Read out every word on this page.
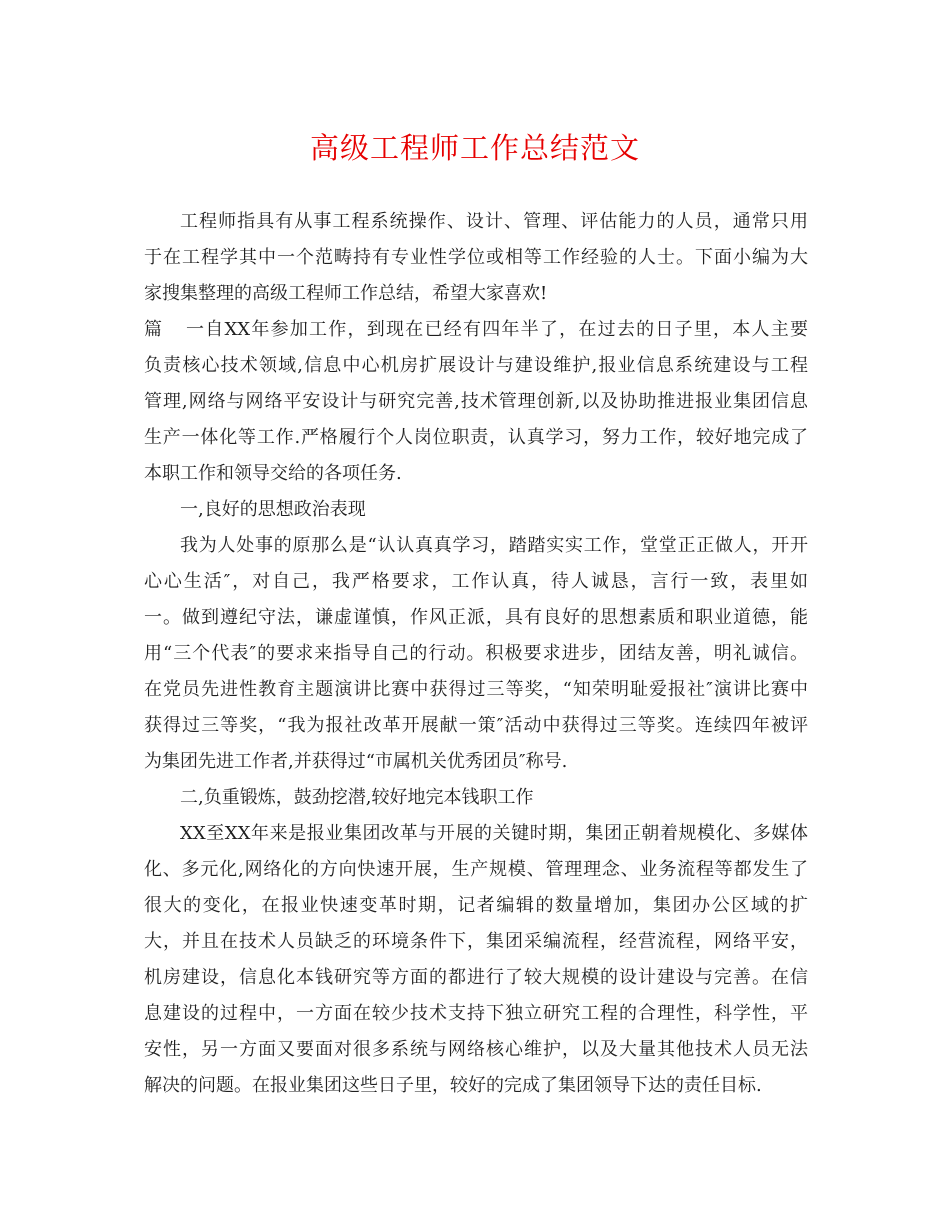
高级工程师工作总结范文
工程师指具有从事工程系统操作、设计、管理、评估能力的人员，通常只用
于在工程学其中一个范畴持有专业性学位或相等工作经验的人士。下面小编为大
家搜集整理的高级工程师工作总结，希望大家喜欢!
篇一自XX年参加工作，到现在已经有四年半了，在过去的日子里，本人主要
负责核心技术领域,信息中心机房扩展设计与建设维护,报业信息系统建设与工程
管理,网络与网络平安设计与研究完善,技术管理创新,以及协助推进报业集团信息
生产一体化等工作.严格履行个人岗位职责，认真学习，努力工作，较好地完成了
本职工作和领导交给的各项任务.
一,良好的思想政治表现
我为人处事的原那么是“认认真真学习，踏踏实实工作，堂堂正正做人，开开
心心生活″，对自己，我严格要求，工作认真，待人诚恳，言行一致，表里如
一。做到遵纪守法，谦虚谨慎，作风正派，具有良好的思想素质和职业道德，能
用“三个代表″的要求来指导自己的行动。积极要求进步，团结友善，明礼诚信。
在党员先进性教育主题演讲比赛中获得过三等奖，“知荣明耻爱报社″演讲比赛中
获得过三等奖，“我为报社改革开展献一策″活动中获得过三等奖。连续四年被评
为集团先进工作者,并获得过“市属机关优秀团员″称号.
二,负重锻炼，鼓劲挖潜,较好地完本钱职工作
XX至XX年来是报业集团改革与开展的关键时期，集团正朝着规模化、多媒体
化、多元化,网络化的方向快速开展，生产规模、管理理念、业务流程等都发生了
很大的变化，在报业快速变革时期，记者编辑的数量增加，集团办公区域的扩
大，并且在技术人员缺乏的环境条件下，集团采编流程，经营流程，网络平安，
机房建设，信息化本钱研究等方面的都进行了较大规模的设计建设与完善。在信
息建设的过程中，一方面在较少技术支持下独立研究工程的合理性，科学性，平
安性，另一方面又要面对很多系统与网络核心维护，以及大量其他技术人员无法
解决的问题。在报业集团这些日子里，较好的完成了集团领导下达的责任目标.
